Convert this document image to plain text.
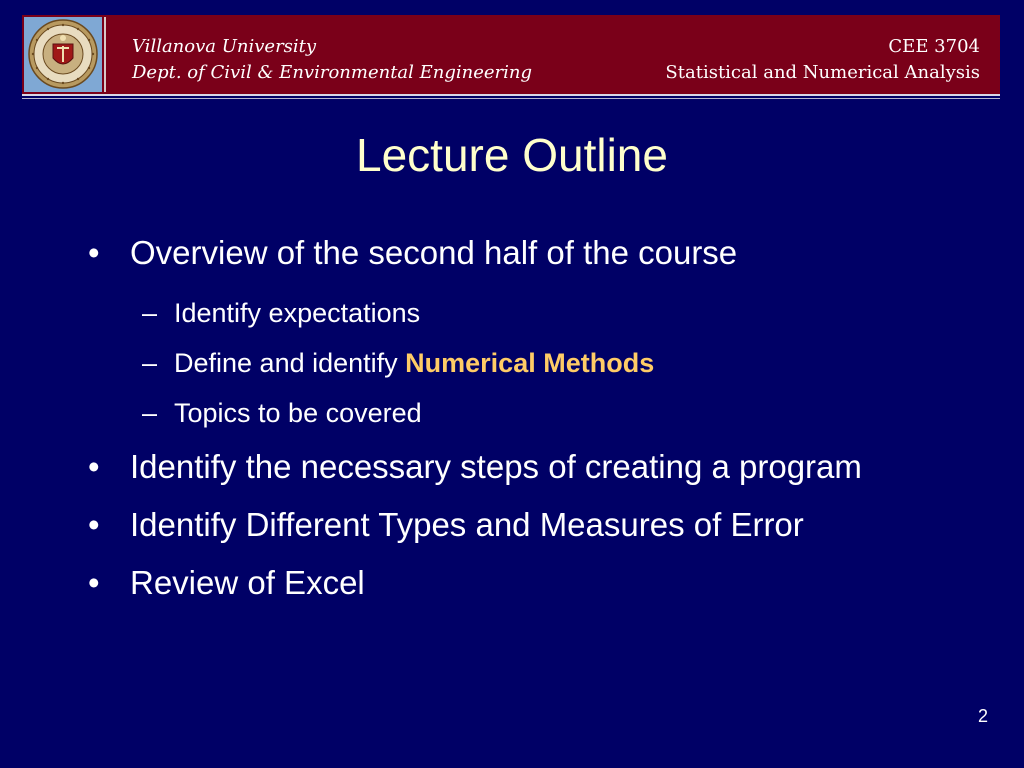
Villanova University
Dept. of Civil & Environmental Engineering
CEE 3704
Statistical and Numerical Analysis
Lecture Outline
• Overview of the second half of the course
– Identify expectations
– Define and identify Numerical Methods
– Topics to be covered
• Identify the necessary steps of creating a program
• Identify Different Types and Measures of Error
• Review of Excel
2
